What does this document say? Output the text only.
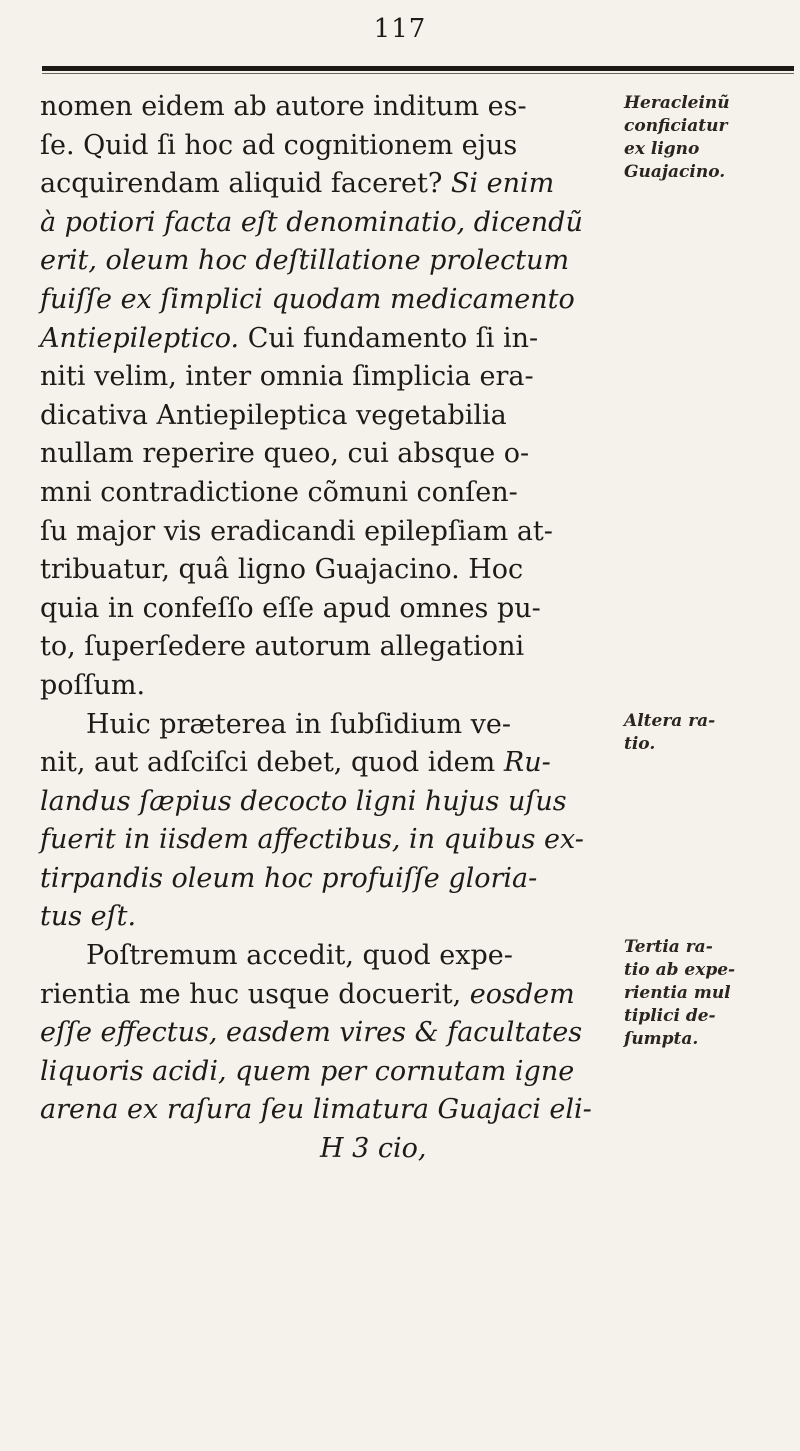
117
nomen eidem ab autore inditum es-
ſe. Quid ſi hoc ad cognitionem ejus
acquirendam aliquid faceret? Si enim
à potiori facta eſt denominatio, dicendũ
erit, oleum hoc deſtillatione prolectum
fuiſſe ex ſimplici quodam medicamento
Antiepileptico. Cui fundamento ſi in-
niti velim, inter omnia ſimplicia era-
dicativa Antiepileptica vegetabilia
nullam reperire queo, cui absque o-
mni contradictione cõmuni conſen-
ſu major vis eradicandi epilepſiam at-
tribuatur, quâ ligno Guajacino. Hoc
quia in confeſſo eſſe apud omnes pu-
to, ſuperſedere autorum allegationi
poſſum.
Huic præterea in ſubſidium ve-
nit, aut adſciſci debet, quod idem Ru-
landus ſæpius decocto ligni hujus uſus
fuerit in iisdem affectibus, in quibus ex-
tirpandis oleum hoc profuiſſe gloria-
tus eſt.
Poſtremum accedit, quod expe-
rientia me huc usque docuerit, eosdem
eſſe effectus, easdem vires & facultates
liquoris acidi, quem per cornutam igne
arena ex raſura ſeu limatura Guajaci eli-
H 3 cio,
Heracleinũ
conficiatur
ex ligno
Guajacino.
Altera ra-
tio.
Tertia ra-
tio ab expe-
rientia mul
tiplici de-
ſumpta.
